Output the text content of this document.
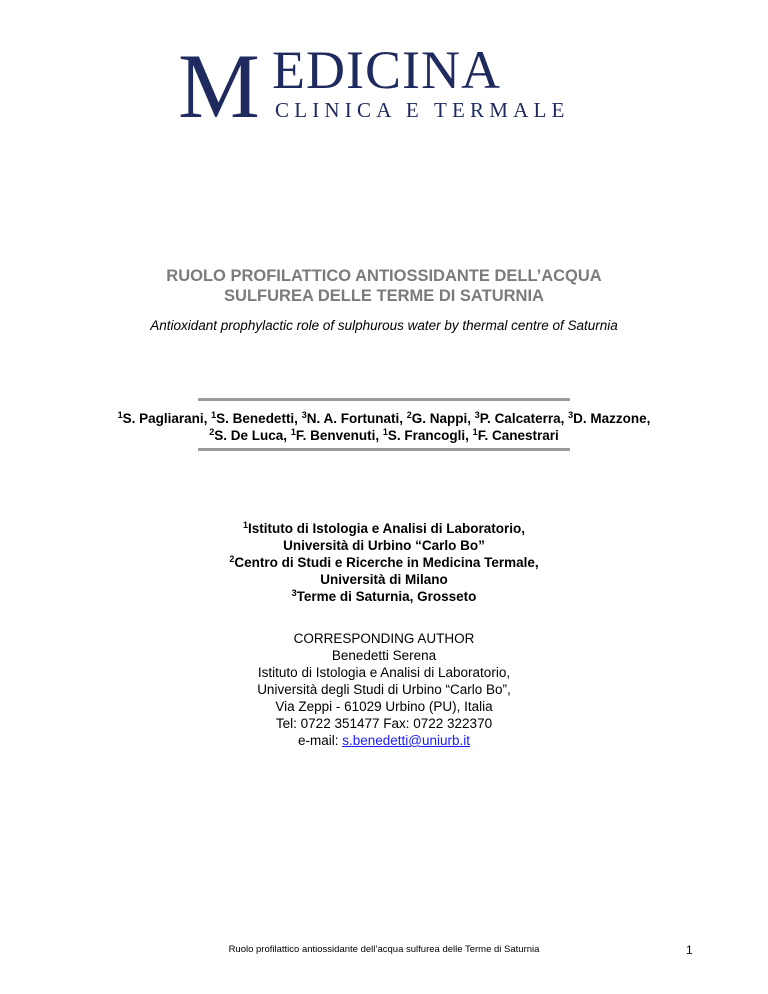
M EDICINA
CLINICA E TERMALE
RUOLO PROFILATTICO ANTIOSSIDANTE DELL’ACQUA
SULFUREA DELLE TERME DI SATURNIA
Antioxidant prophylactic role of sulphurous water by thermal centre of Saturnia
$^1$S. Pagliarani, $^1$S. Benedetti, $^3$N. A. Fortunati, $^2$G. Nappi, $^3$P. Calcaterra, $^3$D. Mazzone,
$^2$S. De Luca, $^1$F. Benvenuti, $^1$S. Francogli, $^1$F. Canestrari
$^1$Istituto di Istologia e Analisi di Laboratorio,
Università di Urbino “Carlo Bo”
$^2$Centro di Studi e Ricerche in Medicina Termale,
Università di Milano
$^3$Terme di Saturnia, Grosseto
CORRESPONDING AUTHOR
Benedetti Serena
Istituto di Istologia e Analisi di Laboratorio,
Università degli Studi di Urbino “Carlo Bo”,
Via Zeppi - 61029 Urbino (PU), Italia
Tel: 0722 351477 Fax: 0722 322370
e-mail: s.benedetti@uniurb.it
Ruolo profilattico antiossidante dell’acqua sulfurea delle Terme di Saturnia	1
